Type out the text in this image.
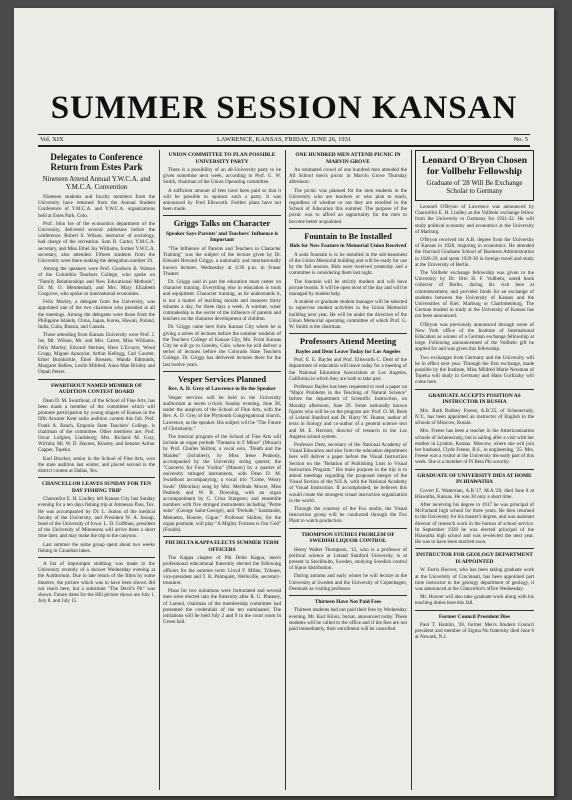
SUMMER SESSION KANSAN
Vol. XIX	LAWRENCE, KANSAS, FRIDAY, JUNE 26, 1931	No. 5
Delegates to Conference Return from Estes Park
Nineteen Attend Annual Y.W.C.A. and Y.M.C.A. Convention

Nineteen students and faculty members from the University have returned from the Annual Student Conference of Y.M.C.A. and Y.W.C.A. organizations held at Estes Park, Colo.

Prof. John Ise of the economics department of the University, delivered several addresses before the conference. Robert S. Wilson, instructor of sociology, had charge of the recreation. Sam B. Carter, Y.M.C.A. secretary, and Miss Ethel Joy Williams, former Y.W.C.A. secretary, also attended. Fifteen students from the University were there making the delegation number 19.

Among the speakers were Prof. Goodwin B. Watson of the Columbia Teachers College, who spoke on "Family Relationships and New Educational Methods", Dr. M. O. Mendenhall, and Mrs. Mary Elizabeth Cosgrove, who spoke on international economies.

Felix Morley, a delegate from the University, was appointed one of the two chairmen who presided at all the meetings. Among the delegates were those from the Philippine Islands, China, Japan, Korea, Hawaii, Poland, India, Cuba, Russia, and Canada.

Those attending from Kansas University were Prof. J. Ise, Mr. Wilson, Mr. and Mrs. Carter, Miss Williams, Felix Morley, Edward Hermes, Hero L'Ecuyer, Wood Cropp, Miguel Apuoylar, Arthur Kellogg, Carl Courter, Ethel Burnbickle, Ethel Bressen, Wanda Edmunds, Margaret Bellew, Leslie Mildred, Anna Mae Brinley and Orpah Peters.

SWARTHOUT NAMED MEMBER OF AUDITION CONTEST BOARD

Dean D. M. Swarthout, of the School of Fine Arts, has been made a member of the committee which will promote participation by young singers of Kansas in the fifth Atwater Kent radio audition contest this fall. Prof. Frank A. Beach, Emporia State Teachers' College, is chairman of the committee. Other members are: Prof. Oscar Lofgren, Lindsborg; Mrs. Richard M. Gray, Wichita; Mr. W. D. Haynes, Kinsley, and Senator Arthur Capper, Topeka.

Karl Brucher, senior in the School of Fine Arts, won the state audition last winter, and placed second in the district contest at Dallas, Tex.

CHANCELLOR LEAVES SUNDAY FOR TEN DAY FISHING TRIP

Chancellor E. H. Lindley left Kansas City last Sunday evening for a ten days fishing trip at Amnesan Pass, Tex. He was accompanied by Dr. L. Sutton of the medical faculty of the University, and President W. A. Jessup, head of the University of Iowa. L. D. Coffman, president of the University of Minnesota will arrive there a short time later, and may make the trip to the canyons.

Last summer the same group spent about two weeks fishing in Canadian lakes.

A list of impromptu stubbing was made in the University recently of a shower Wednesday evening at the Auditorium. Due to late return of the films by some theatres, the picture which was to have been shown did not reach here, but a substitute "The Devil's Pit" was shown. Future dates for the Hill picture shows are July 1, July 8, and July 15.

UNION COMMITTEE TO PLAN POSSIBLE UNIVERSITY PARTY

There is a possibility of an all-University party to be given sometime next week, according to Prof. G. W. Smith, chairman of the Union Operating committee.

A sufficient amount of fees have been paid so that it will be possible to sponsor such a party. It was announced by Fred Ellsworth. Further plans have not been made.

Griggs Talks on Character
Speaker Says Parents' and Teachers' Influence is Important

"The Influence of Parents and Teachers in Character Training" was the subject of the lecture given by Dr. Edward Howard Griggs, a nationally and internationally known lecturer, Wednesday at 4:30 p.m. in Fraser Theater.

Dr. Griggs said in part the education must center on character training. Everything else in education is tools and equipment. Character training, as he understands it, is not a matter of teaching morals and manners thirty minutes a day, for three days a week. A warmer, wiser comradeship is the secret of the influence of parents and teachers on the character development of children.

Dr. Griggs came here from Kansas City where he is giving a series of lectures before the summer students of the Teachers College of Kansas City, Mo. From Kansas City he will go to Greeley, Colo. where he will deliver a series of lectures before the Colorado State Teachers College. Dr. Griggs has delivered lectures there for the last twelve years.

Vesper Services Planned
Rev. A. D. Grey of Lawrence to Be the Speaker

Vesper services will be held in the University auditorium at seven o'clock Sunday evening, June 28, under the auspices of the School of Fine Arts, with the Rev. A. D. Grey of the Plymouth Congregational church, Lawrence, as the speaker. His subject will be "The Future of Christianity."

The musical program of the School of Fine Arts will include an organ prelude "Fantasia in F Minor" (Mozart) by Prof. Charles Skilton; a vocal solo, "Death and the Maiden" (Schubert), by Miss Irene Peabody, accompanied by the University string quartet; the "Concerto for Four Violins" (Maurer) by a quartet of university stringed instruments, with Dean D. M. Swarthout accompanying; a vocal trio "Come, Weary Souls" (Mourlan) sung by Mrs. Merlinde Moore, Miss Peabody and W. B. Downing, with an organ accompaniment by C. Crisa Sturgeon; and ensemble numbers with five stringed instruments including "Petite suite" (George Saint-George), and "Prelude," Sarabande, Menuetto, Bourée, Gigue." Professor Skilton, for the organ postlude, will play "A Mighty Fortress is Our God" (Foulds).

PHI DELTA KAPPA ELECTS SUMMER TERM OFFICERS

The Kappa chapter of Phi Delta Kappa, men's professional educational fraternity elected the following officers for the summer term: Lloyd F. Miller, Tribune, vice-president and T. R. Palmquist, Wellsville, secretary-treasurer.

Plans for two initiations were formulated and several men were elected into the fraternity after R. U. Pheasey, of Larned, chairman of the membership committee had presented the credentials of the ten nominated. The initiations will be held July 2 and 9 in the court room in Green hall.

ONE HUNDRED MEN ATTEND PICNIC IN MARVIN GROVE

An estimated crowd of one hundred men attended the All School men's picnic in Marvin Grove Thursday afternoon.

The picnic was planned for the men students in the University who are teachers or who plan to teach, regardless of whether or not they are enrolled in the School of Education this summer. The purpose of the picnic was to afford an opportunity for the men to become better acquainted.

Fountain to Be Installed
Bids for New Feature in Memorial Union Received

A soda fountain is to be installed in the sub-basement of the Union Memorial building and will be ready for use by the fall session. Bids were received yesterday and a committee is considering them last night.

The fountain will be strictly modern and will have private booths. It will be open most of the day and will be managed by student help.

A student or graduate student manager will be selected to supervise student activities in the Union Memorial building next year. He will be under the direction of the Union Memorial operating committee of which Prof. G. W. Smith is the chairman.

Professors Attend Meeting
Bayles and Dent Leave Today for Los Angeles

Prof. E. E. Bayles and Prof. Ellsworth C. Dent of the department of education will leave today for a meeting of the National Education Association at Los Angeles, California in which they are both to take part.

Professor Bayles has been requested to read a paper on "Major Problems in the Teaching of Natural Science" before the department of Scientific Instruction, on Monday afternoon, June 29. Some nationally known figures who will be on the program are: Prof. O. M. Bush of Leland Stanford and Dr. Harry W. Hunter, author of texts in biology and co-author of a general science text and M. E. Herriott, director of research in the Los Angeles school system.

Professor Dent, secretary of the National Academy of Visual Education and also from the education department here will deliver a paper before the Visual Instruction Section on the "Relation of Publishing Lists to Visual Instruction Program." His main purpose in the trip is to attend meetings regarding the proposed merger of the Visual Section of the N.E.A. with the National Academy of Visual Instruction. If accomplished, he believes this would create the strongest visual instruction organization in the world.

Through the courtesy of the Fox studio, the Visual Instruction group will be conducted through the Fox Plant to watch production.

THOMPSON STUDIES PROBLEM OF SWEDISH LIQUOR CONTROL

Henry Walter Thompson, '13, who is a professor of political science at Leland Stanford University, is at present in Stockholm, Sweden, studying Swedish control of liquor distribution.

During autumn and early winter he will lecture at the University at Sweden and the University of Copenhagen, Denmark as visiting professor.

Thirteen Have Not Paid Fees

Thirteen students had not paid their fees by Wednesday evening, Mr. Karl Klooz, bursar, announced today. These students will be called to the office and if the fees are not paid immediately, their enrollment will be cancelled.

Leonard O'Bryon Chosen for Vollbehr Fellowship
Graduate of '28 Will Be Exchange Scholar to Germany

Leonard O'Bryon of Lawrence was announced by Chancellor E. H. Lindley as the Vollbehr exchange fellow from the University to Germany for 1931-32. He will study political economy and economics at the University of Marburg.

O'Bryon received his A.B. degree from the University of Kansas in 1928, majoring in economics. He attended the Harvard Graduate School of Business Administration in 1928-29, and spent 1929-30 in foreign travel and study at the University of Berlin.

The Vollbehr exchange fellowship was given to the University by Dr. Otto H. F. Vollbehr, noted book collector of Berlin, during his visit here at commencement, and provides funds for an exchange of students between the University of Kansas and the Universities of Kiel, Marburg or Charlottenburg. The German student to study at the University of Kansas has not been announced.

O'Bryon was previously announced through some of New York office of the Institute of International Education as winner of a German exchange fellowship at large. Following announcement of the Vollbehr gift he applied for and was given this fellowship.

Two exchanges from Germany and the University will be in effect next year. Through the first exchange, made possible by the Institute, Miss Mildred Marie Newman of Topeka will study in Germany and Hans Gorlizzky will come here.

GRADUATE ACCEPTS POSITION AS INSTRUCTOR IN RUSSIA

Mrs. Ruth Rodney Freese, A.B.'25, of Schenectady, N.Y., has been appointed an instructor of English in the schools of Moscow, Russia.

Mrs. Freese has been a teacher in the Americanization schools of Schenectady, but is sailing after a visit with her mother in Lyndon, Kansas. Moscow, where she will join her husband, Clyde Freese, B.S., in engineering, '25. Mrs. Freese was a visitor at the University the early part of this week. She is a member of Pi Beta Phi sorority.

GRADUATE OF UNIVERSITY DIES AT HOME IN HIAWATHA

Covert E. Waterman, A.B.'17, M.A.'28, died June 8 at Hiawatha, Kansas. He was 38 only a short time.

After receiving his degree in 1917 he was principal of McFarland high school for three years. He then returned to the University for his master's degree, and was assistant director of research work in the bureau of school service. In September 1928 he was elected principal of the Hiawatha high school and was re-elected the next year. He was to have been married soon.

INSTRUCTOR FOR GEOLOGY DEPARTMENT IS APPOINTED

W. Farris Hoover, who has been taking graduate work at the University of Cincinnati, has been appointed part time instructor in the geology department of geology, it was announced at the Chancellor's office Wednesday.

Mr. Hoover will also take graduate work along with his teaching duties here this fall.

Former Council President Dies

Paul T. Hamlin, '28, former Men's Student Council president and member of Sigma Nu fraternity died June 6 at Newark, N.J.
